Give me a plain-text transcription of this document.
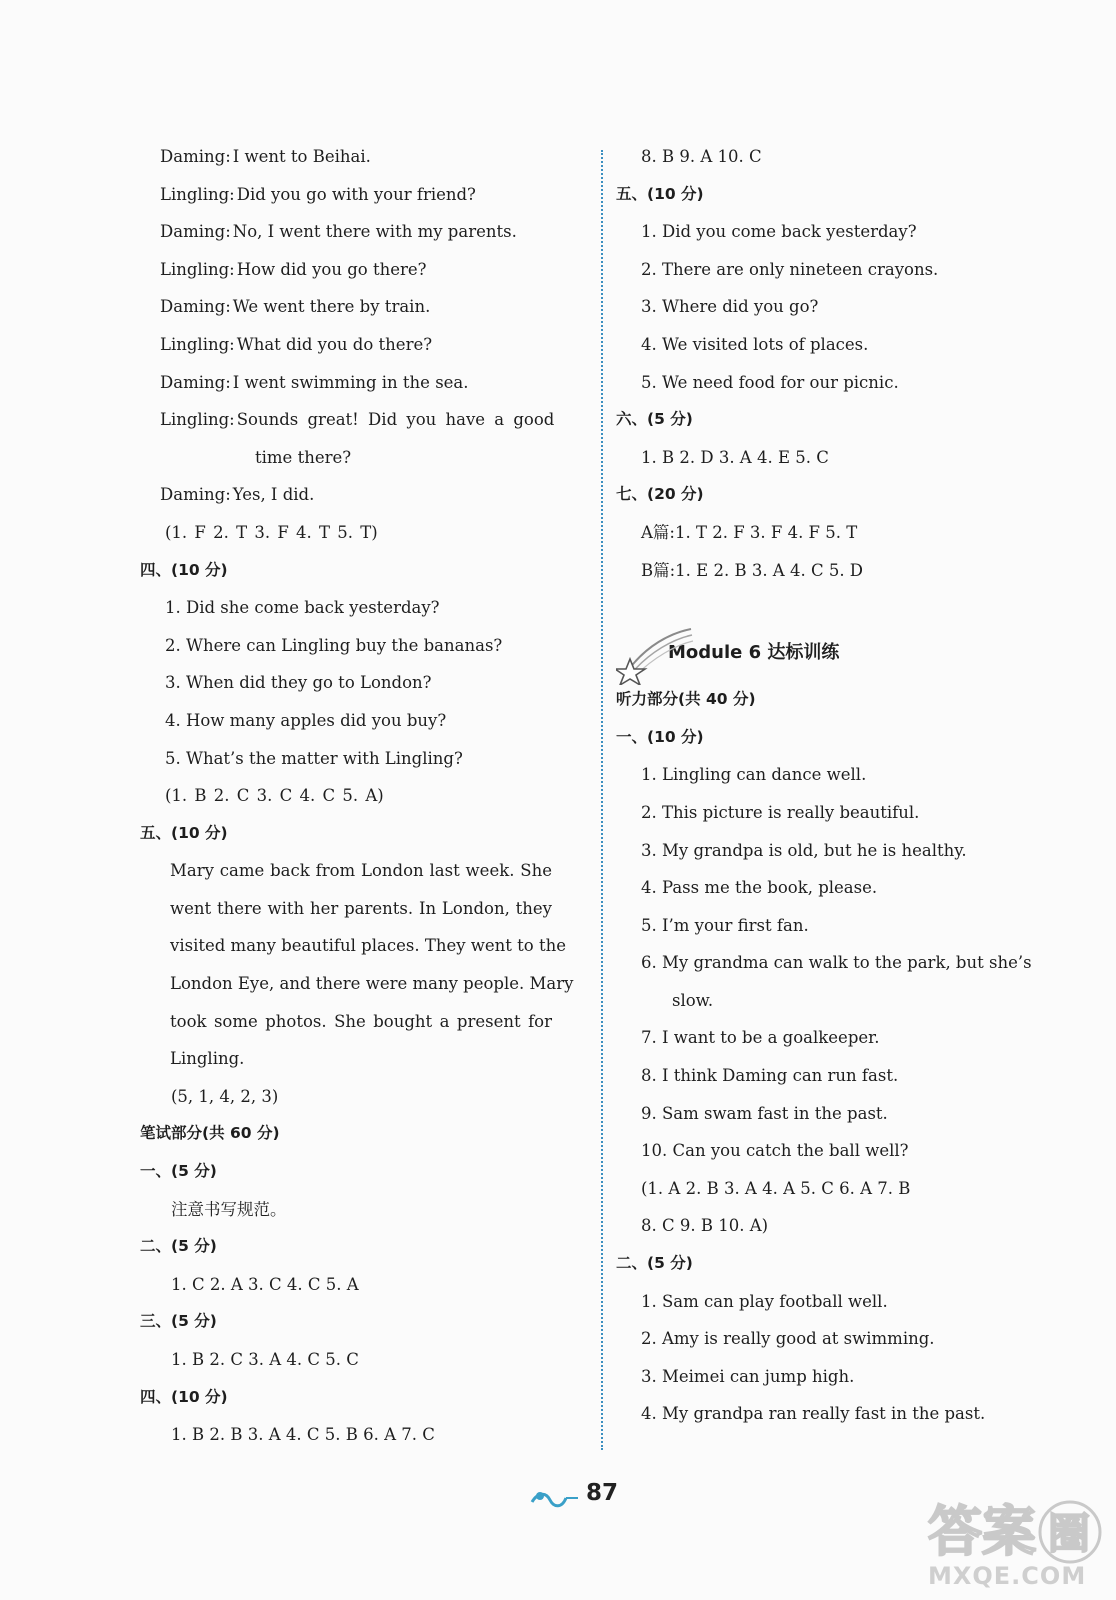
Daming: I went to Beihai.
Lingling: Did you go with your friend?
Daming: No, I went there with my parents.
Lingling: How did you go there?
Daming: We went there by train.
Lingling: What did you do there?
Daming: I went swimming in the sea.
Lingling: Sounds great! Did you have a good
time there?
Daming: Yes, I did.
(1. F 2. T 3. F 4. T 5. T)
四、(10 分)
1. Did she come back yesterday?
2. Where can Lingling buy the bananas?
3. When did they go to London?
4. How many apples did you buy?
5. What’s the matter with Lingling?
(1. B 2. C 3. C 4. C 5. A)
五、(10 分)
Mary came back from London last week. She
went there with her parents. In London, they
visited many beautiful places. They went to the
London Eye, and there were many people. Mary
took some photos. She bought a present for
Lingling.
(5, 1, 4, 2, 3)
笔试部分(共 60 分)
一、(5 分)
注意书写规范。
二、(5 分)
1. C 2. A 3. C 4. C 5. A
三、(5 分)
1. B 2. C 3. A 4. C 5. C
四、(10 分)
1. B 2. B 3. A 4. C 5. B 6. A 7. C
8. B 9. A 10. C
五、(10 分)
1. Did you come back yesterday?
2. There are only nineteen crayons.
3. Where did you go?
4. We visited lots of places.
5. We need food for our picnic.
六、(5 分)
1. B 2. D 3. A 4. E 5. C
七、(20 分)
A篇:1. T 2. F 3. F 4. F 5. T
B篇:1. E 2. B 3. A 4. C 5. D
Module 6 达标训练
听力部分(共 40 分)
一、(10 分)
1. Lingling can dance well.
2. This picture is really beautiful.
3. My grandpa is old, but he is healthy.
4. Pass me the book, please.
5. I’m your first fan.
6. My grandma can walk to the park, but she’s
slow.
7. I want to be a goalkeeper.
8. I think Daming can run fast.
9. Sam swam fast in the past.
10. Can you catch the ball well?
(1. A 2. B 3. A 4. A 5. C 6. A 7. B
8. C 9. B 10. A)
二、(5 分)
1. Sam can play football well.
2. Amy is really good at swimming.
3. Meimei can jump high.
4. My grandpa ran really fast in the past.
87
答案 圈
MXQE.COM
